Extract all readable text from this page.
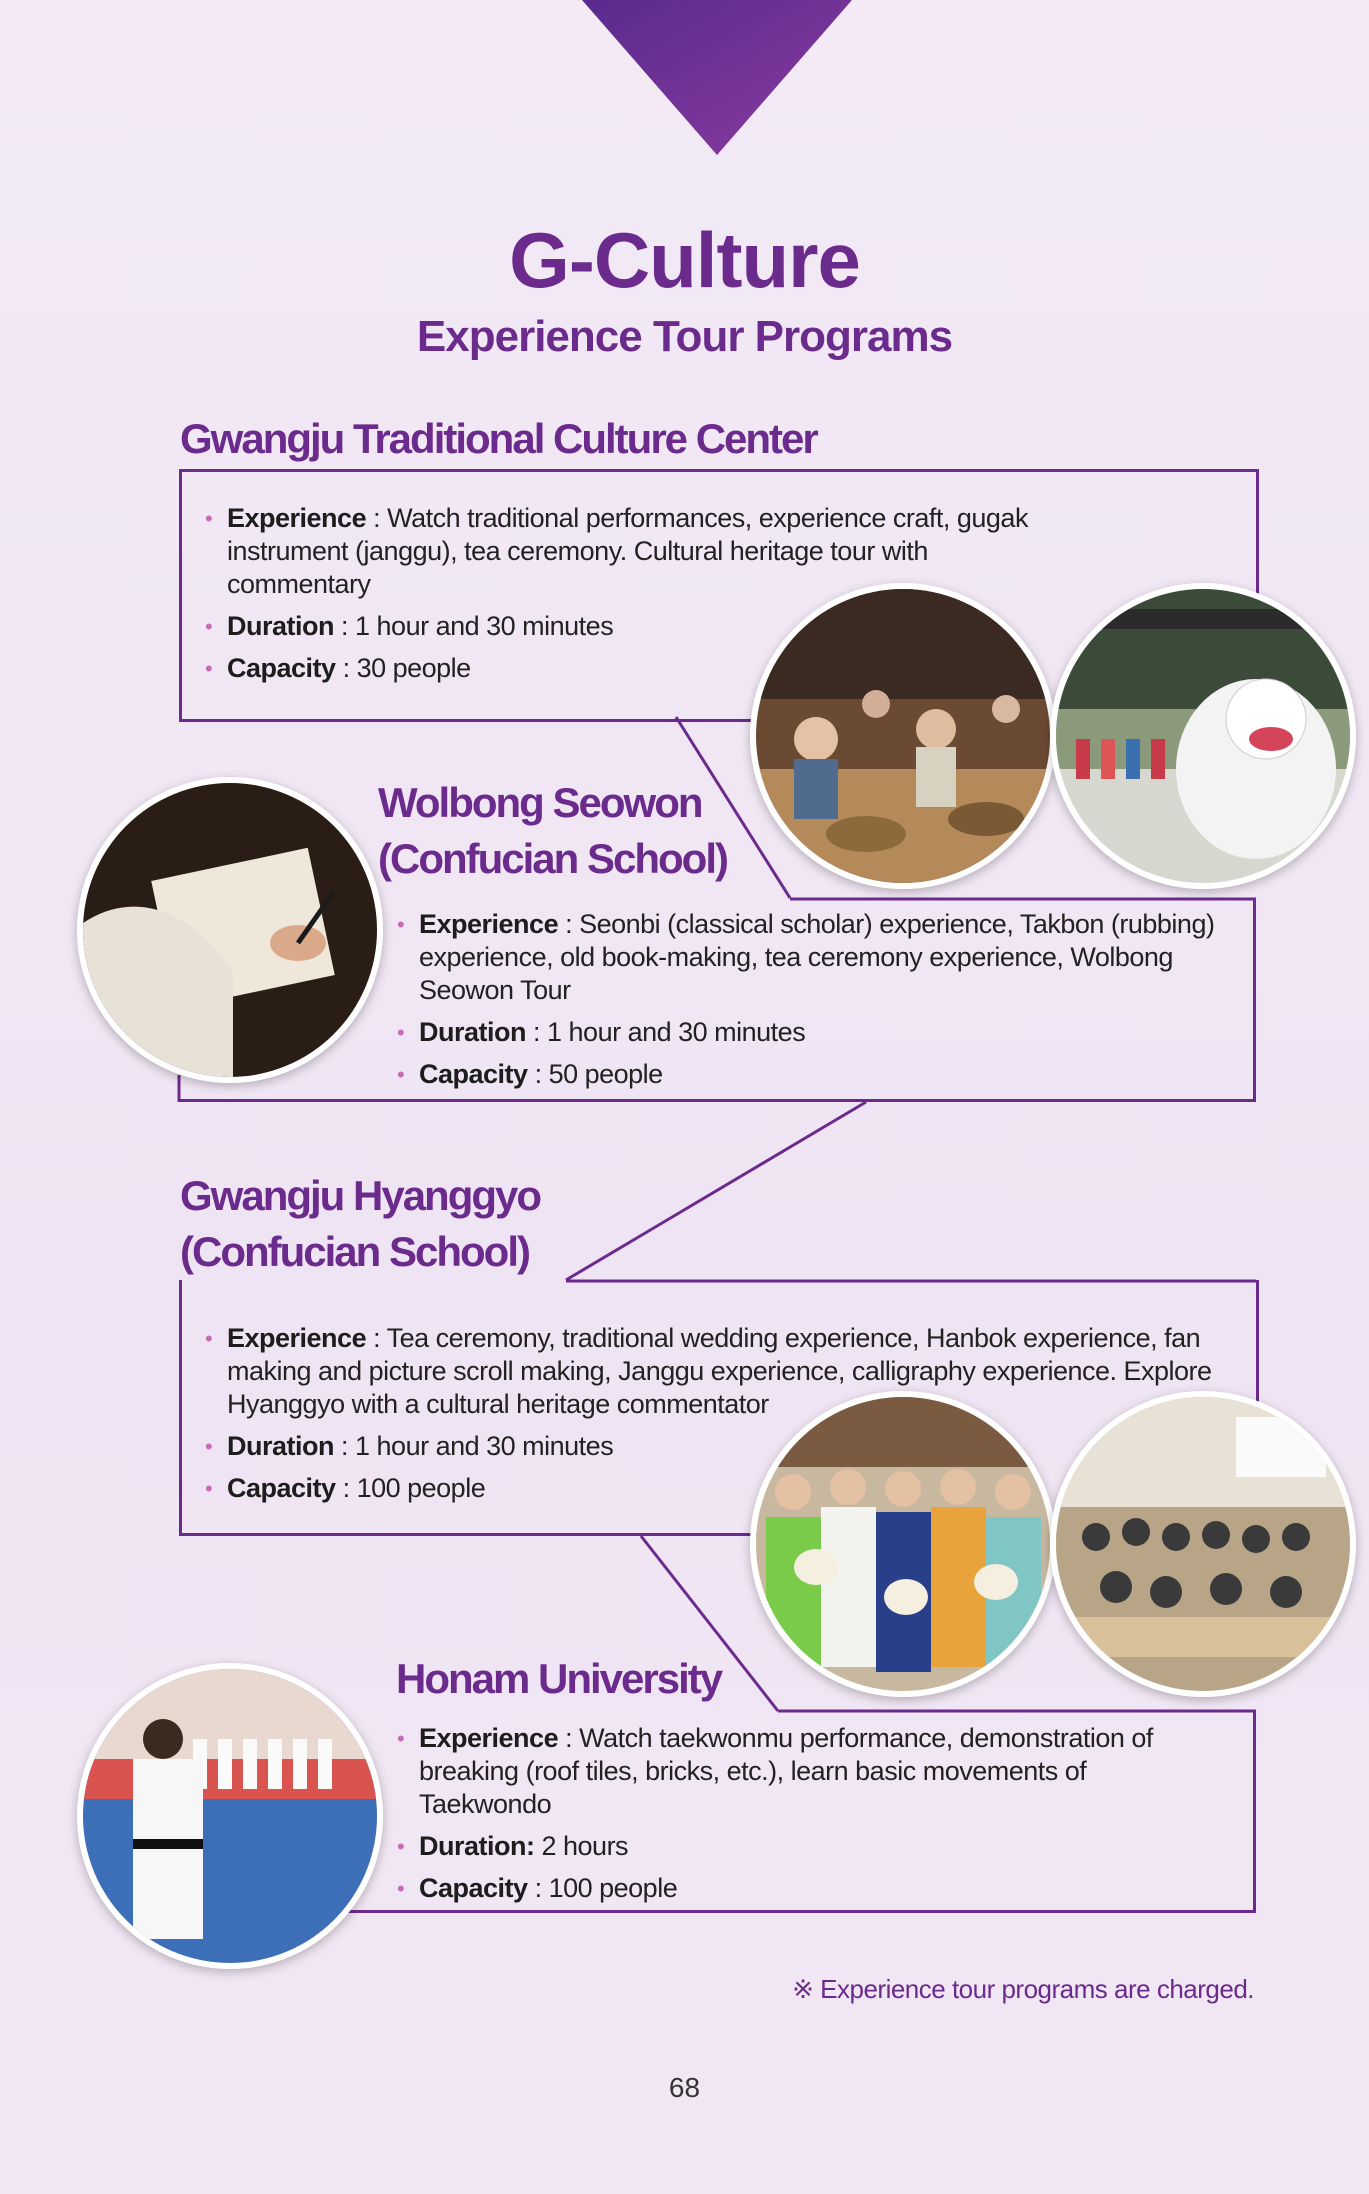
G-Culture
Experience Tour Programs
Gwangju Traditional Culture Center
• Experience : Watch traditional performances, experience craft, gugak instrument (janggu), tea ceremony. Cultural heritage tour with commentary
• Duration : 1 hour and 30 minutes
• Capacity : 30 people
Wolbong Seowon
(Confucian School)
• Experience : Seonbi (classical scholar) experience, Takbon (rubbing) experience, old book-making, tea ceremony experience, Wolbong Seowon Tour
• Duration : 1 hour and 30 minutes
• Capacity : 50 people
Gwangju Hyanggyo
(Confucian School)
• Experience : Tea ceremony, traditional wedding experience, Hanbok experience, fan making and picture scroll making, Janggu experience, calligraphy experience. Explore Hyanggyo with a cultural heritage commentator
• Duration : 1 hour and 30 minutes
• Capacity : 100 people
Honam University
• Experience : Watch taekwonmu performance, demonstration of breaking (roof tiles, bricks, etc.), learn basic movements of Taekwondo
• Duration: 2 hours
• Capacity : 100 people
※ Experience tour programs are charged.
68
